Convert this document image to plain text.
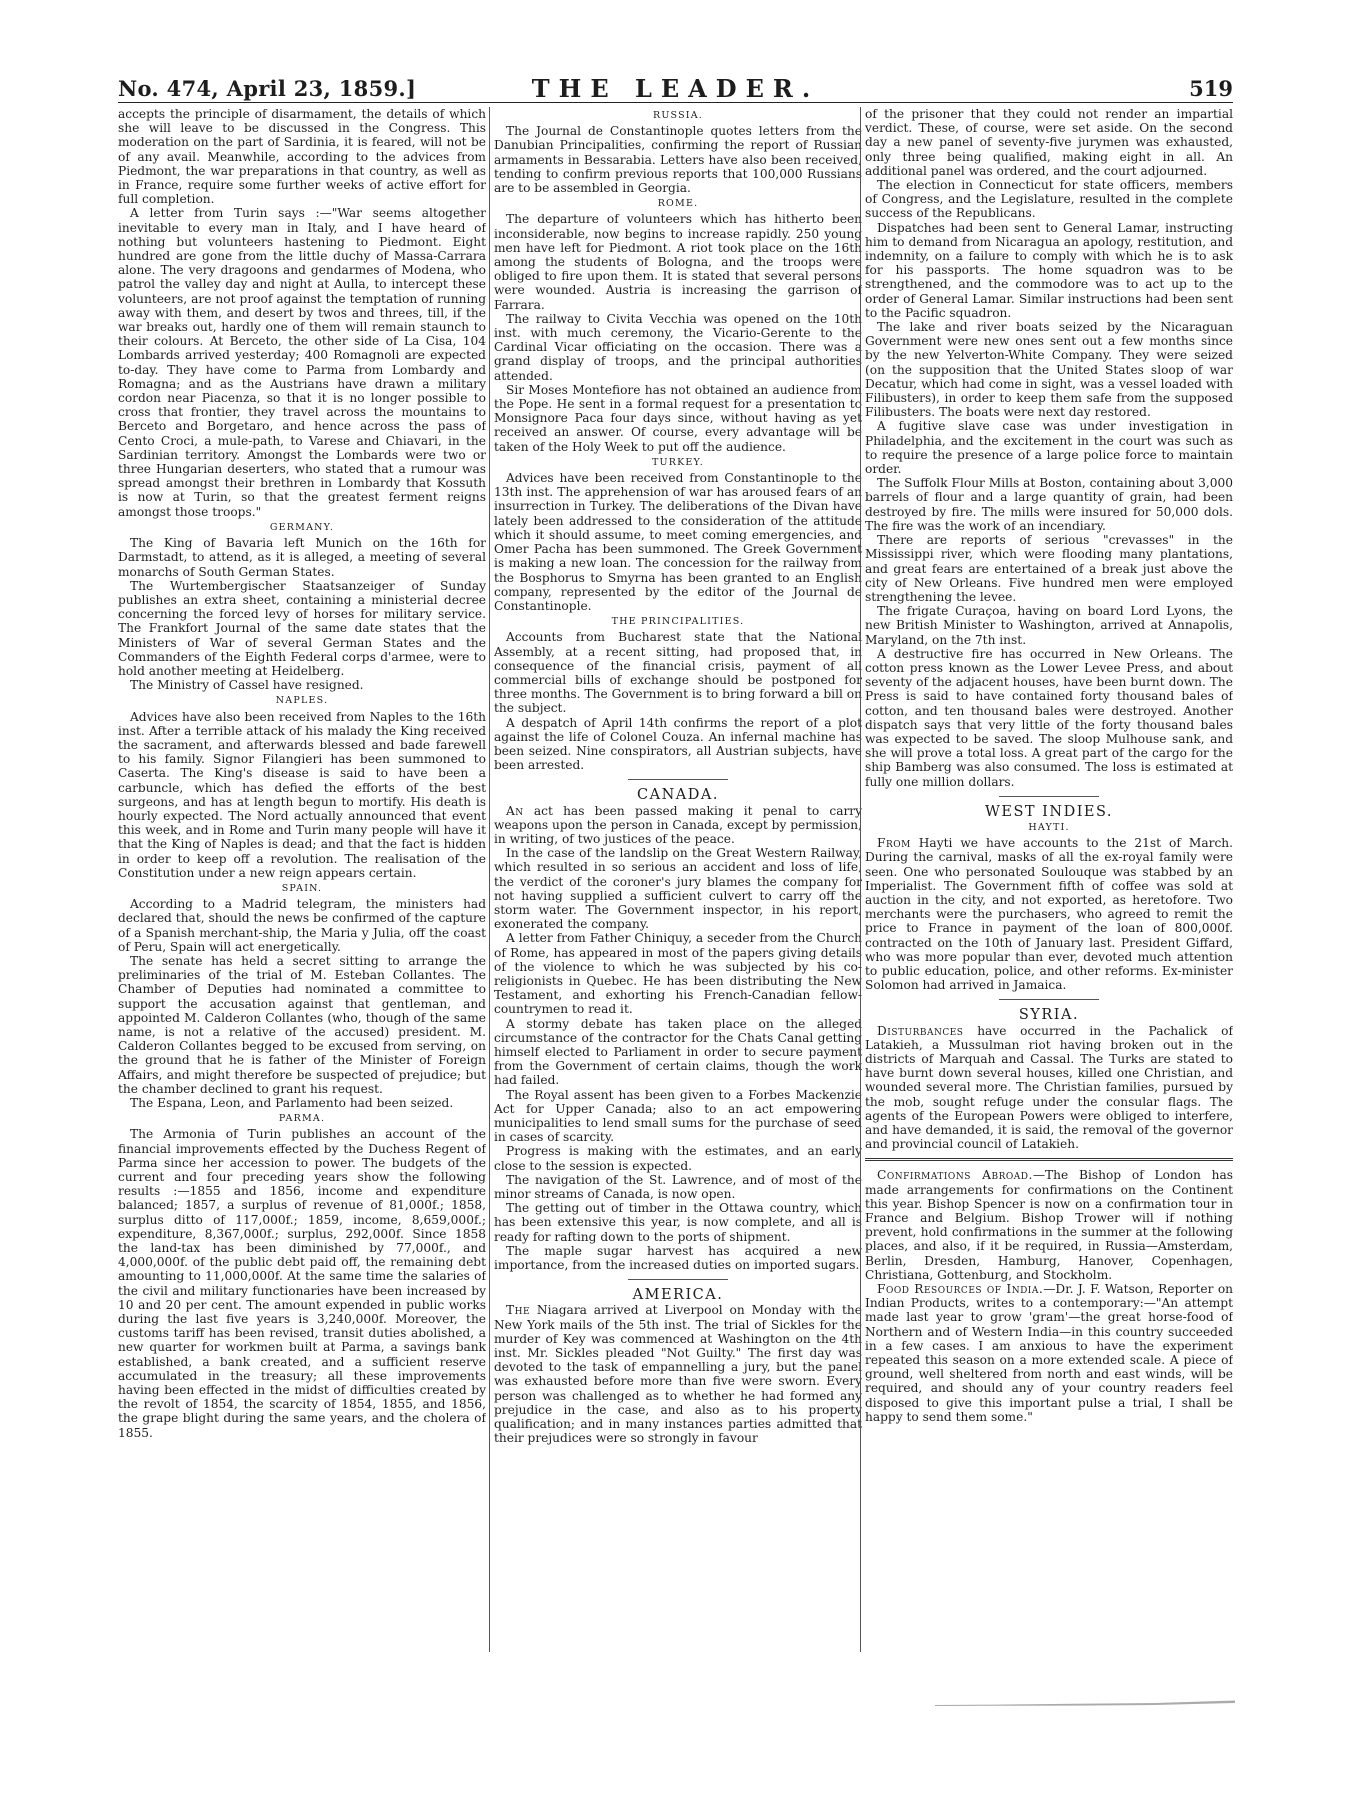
No. 474, April 23, 1859.]	THE LEADER.	519

accepts the principle of disarmament, the details of which she will leave to be discussed in the Congress. This moderation on the part of Sardinia, it is feared, will not be of any avail. Meanwhile, according to the advices from Piedmont, the war preparations in that country, as well as in France, require some further weeks of active effort for full completion.

A letter from Turin says :—"War seems altogether inevitable to every man in Italy, and I have heard of nothing but volunteers hastening to Piedmont. Eight hundred are gone from the little duchy of Massa-Carrara alone. The very dragoons and gendarmes of Modena, who patrol the valley day and night at Aulla, to intercept these volunteers, are not proof against the temptation of running away with them, and desert by twos and threes, till, if the war breaks out, hardly one of them will remain staunch to their colours. At Berceto, the other side of La Cisa, 104 Lombards arrived yesterday; 400 Romagnoli are expected to-day. They have come to Parma from Lombardy and Romagna; and as the Austrians have drawn a military cordon near Piacenza, so that it is no longer possible to cross that frontier, they travel across the mountains to Berceto and Borgetaro, and hence across the pass of Cento Croci, a mule-path, to Varese and Chiavari, in the Sardinian territory. Amongst the Lombards were two or three Hungarian deserters, who stated that a rumour was spread amongst their brethren in Lombardy that Kossuth is now at Turin, so that the greatest ferment reigns amongst those troops."

GERMANY.

The King of Bavaria left Munich on the 16th for Darmstadt, to attend, as it is alleged, a meeting of several monarchs of South German States.

The Wurtembergischer Staatsanzeiger of Sunday publishes an extra sheet, containing a ministerial decree concerning the forced levy of horses for military service. The Frankfort Journal of the same date states that the Ministers of War of several German States and the Commanders of the Eighth Federal corps d'armee, were to hold another meeting at Heidelberg.

The Ministry of Cassel have resigned.

NAPLES.

Advices have also been received from Naples to the 16th inst. After a terrible attack of his malady the King received the sacrament, and afterwards blessed and bade farewell to his family. Signor Filangieri has been summoned to Caserta. The King's disease is said to have been a carbuncle, which has defied the efforts of the best surgeons, and has at length begun to mortify. His death is hourly expected. The Nord actually announced that event this week, and in Rome and Turin many people will have it that the King of Naples is dead; and that the fact is hidden in order to keep off a revolution. The realisation of the Constitution under a new reign appears certain.

SPAIN.

According to a Madrid telegram, the ministers had declared that, should the news be confirmed of the capture of a Spanish merchant-ship, the Maria y Julia, off the coast of Peru, Spain will act energetically.

The senate has held a secret sitting to arrange the preliminaries of the trial of M. Esteban Collantes. The Chamber of Deputies had nominated a committee to support the accusation against that gentleman, and appointed M. Calderon Collantes (who, though of the same name, is not a relative of the accused) president. M. Calderon Collantes begged to be excused from serving, on the ground that he is father of the Minister of Foreign Affairs, and might therefore be suspected of prejudice; but the chamber declined to grant his request.

The Espana, Leon, and Parlamento had been seized.

PARMA.

The Armonia of Turin publishes an account of the financial improvements effected by the Duchess Regent of Parma since her accession to power. The budgets of the current and four preceding years show the following results :—1855 and 1856, income and expenditure balanced; 1857, a surplus of revenue of 81,000f.; 1858, surplus ditto of 117,000f.; 1859, income, 8,659,000f.; expenditure, 8,367,000f.; surplus, 292,000f. Since 1858 the land-tax has been diminished by 77,000f., and 4,000,000f. of the public debt paid off, the remaining debt amounting to 11,000,000f. At the same time the salaries of the civil and military functionaries have been increased by 10 and 20 per cent. The amount expended in public works during the last five years is 3,240,000f. Moreover, the customs tariff has been revised, transit duties abolished, a new quarter for workmen built at Parma, a savings bank established, a bank created, and a sufficient reserve accumulated in the treasury; all these improvements having been effected in the midst of difficulties created by the revolt of 1854, the scarcity of 1854, 1855, and 1856, the grape blight during the same years, and the cholera of 1855.

RUSSIA.

The Journal de Constantinople quotes letters from the Danubian Principalities, confirming the report of Russian armaments in Bessarabia. Letters have also been received, tending to confirm previous reports that 100,000 Russians are to be assembled in Georgia.

ROME.

The departure of volunteers which has hitherto been inconsiderable, now begins to increase rapidly. 250 young men have left for Piedmont. A riot took place on the 16th among the students of Bologna, and the troops were obliged to fire upon them. It is stated that several persons were wounded. Austria is increasing the garrison of Farrara.

The railway to Civita Vecchia was opened on the 10th inst. with much ceremony, the Vicario-Gerente to the Cardinal Vicar officiating on the occasion. There was a grand display of troops, and the principal authorities attended.

Sir Moses Montefiore has not obtained an audience from the Pope. He sent in a formal request for a presentation to Monsignore Paca four days since, without having as yet received an answer. Of course, every advantage will be taken of the Holy Week to put off the audience.

TURKEY.

Advices have been received from Constantinople to the 13th inst. The apprehension of war has aroused fears of an insurrection in Turkey. The deliberations of the Divan have lately been addressed to the consideration of the attitude which it should assume, to meet coming emergencies, and Omer Pacha has been summoned. The Greek Government is making a new loan. The concession for the railway from the Bosphorus to Smyrna has been granted to an English company, represented by the editor of the Journal de Constantinople.

THE PRINCIPALITIES.

Accounts from Bucharest state that the National Assembly, at a recent sitting, had proposed that, in consequence of the financial crisis, payment of all commercial bills of exchange should be postponed for three months. The Government is to bring forward a bill on the subject.

A despatch of April 14th confirms the report of a plot against the life of Colonel Couza. An infernal machine has been seized. Nine conspirators, all Austrian subjects, have been arrested.

CANADA.

An act has been passed making it penal to carry weapons upon the person in Canada, except by permission, in writing, of two justices of the peace.

In the case of the landslip on the Great Western Railway, which resulted in so serious an accident and loss of life, the verdict of the coroner's jury blames the company for not having supplied a sufficient culvert to carry off the storm water. The Government inspector, in his report, exonerated the company.

A letter from Father Chiniquy, a seceder from the Church of Rome, has appeared in most of the papers giving details of the violence to which he was subjected by his co-religionists in Quebec. He has been distributing the New Testament, and exhorting his French-Canadian fellow-countrymen to read it.

A stormy debate has taken place on the alleged circumstance of the contractor for the Chats Canal getting himself elected to Parliament in order to secure payment from the Government of certain claims, though the work had failed.

The Royal assent has been given to a Forbes Mackenzie Act for Upper Canada; also to an act empowering municipalities to lend small sums for the purchase of seed in cases of scarcity.

Progress is making with the estimates, and an early close to the session is expected.

The navigation of the St. Lawrence, and of most of the minor streams of Canada, is now open.

The getting out of timber in the Ottawa country, which has been extensive this year, is now complete, and all is ready for rafting down to the ports of shipment.

The maple sugar harvest has acquired a new importance, from the increased duties on imported sugars.

AMERICA.

The Niagara arrived at Liverpool on Monday with the New York mails of the 5th inst. The trial of Sickles for the murder of Key was commenced at Washington on the 4th inst. Mr. Sickles pleaded "Not Guilty." The first day was devoted to the task of empannelling a jury, but the panel was exhausted before more than five were sworn. Every person was challenged as to whether he had formed any prejudice in the case, and also as to his property qualification; and in many instances parties admitted that their prejudices were so strongly in favour

of the prisoner that they could not render an impartial verdict. These, of course, were set aside. On the second day a new panel of seventy-five jurymen was exhausted, only three being qualified, making eight in all. An additional panel was ordered, and the court adjourned.

The election in Connecticut for state officers, members of Congress, and the Legislature, resulted in the complete success of the Republicans.

Dispatches had been sent to General Lamar, instructing him to demand from Nicaragua an apology, restitution, and indemnity, on a failure to comply with which he is to ask for his passports. The home squadron was to be strengthened, and the commodore was to act up to the order of General Lamar. Similar instructions had been sent to the Pacific squadron.

The lake and river boats seized by the Nicaraguan Government were new ones sent out a few months since by the new Yelverton-White Company. They were seized (on the supposition that the United States sloop of war Decatur, which had come in sight, was a vessel loaded with Filibusters), in order to keep them safe from the supposed Filibusters. The boats were next day restored.

A fugitive slave case was under investigation in Philadelphia, and the excitement in the court was such as to require the presence of a large police force to maintain order.

The Suffolk Flour Mills at Boston, containing about 3,000 barrels of flour and a large quantity of grain, had been destroyed by fire. The mills were insured for 50,000 dols. The fire was the work of an incendiary.

There are reports of serious "crevasses" in the Mississippi river, which were flooding many plantations, and great fears are entertained of a break just above the city of New Orleans. Five hundred men were employed strengthening the levee.

The frigate Curaçoa, having on board Lord Lyons, the new British Minister to Washington, arrived at Annapolis, Maryland, on the 7th inst.

A destructive fire has occurred in New Orleans. The cotton press known as the Lower Levee Press, and about seventy of the adjacent houses, have been burnt down. The Press is said to have contained forty thousand bales of cotton, and ten thousand bales were destroyed. Another dispatch says that very little of the forty thousand bales was expected to be saved. The sloop Mulhouse sank, and she will prove a total loss. A great part of the cargo for the ship Bamberg was also consumed. The loss is estimated at fully one million dollars.

WEST INDIES.
HAYTI.

From Hayti we have accounts to the 21st of March. During the carnival, masks of all the ex-royal family were seen. One who personated Soulouque was stabbed by an Imperialist. The Government fifth of coffee was sold at auction in the city, and not exported, as heretofore. Two merchants were the purchasers, who agreed to remit the price to France in payment of the loan of 800,000f. contracted on the 10th of January last. President Giffard, who was more popular than ever, devoted much attention to public education, police, and other reforms. Ex-minister Solomon had arrived in Jamaica.

SYRIA.

Disturbances have occurred in the Pachalick of Latakieh, a Mussulman riot having broken out in the districts of Marquah and Cassal. The Turks are stated to have burnt down several houses, killed one Christian, and wounded several more. The Christian families, pursued by the mob, sought refuge under the consular flags. The agents of the European Powers were obliged to interfere, and have demanded, it is said, the removal of the governor and provincial council of Latakieh.

Confirmations Abroad.—The Bishop of London has made arrangements for confirmations on the Continent this year. Bishop Spencer is now on a confirmation tour in France and Belgium. Bishop Trower will if nothing prevent, hold confirmations in the summer at the following places, and also, if it be required, in Russia—Amsterdam, Berlin, Dresden, Hamburg, Hanover, Copenhagen, Christiana, Gottenburg, and Stockholm.

Food Resources of India.—Dr. J. F. Watson, Reporter on Indian Products, writes to a contemporary:—"An attempt made last year to grow 'gram'—the great horse-food of Northern and of Western India—in this country succeeded in a few cases. I am anxious to have the experiment repeated this season on a more extended scale. A piece of ground, well sheltered from north and east winds, will be required, and should any of your country readers feel disposed to give this important pulse a trial, I shall be happy to send them some."
